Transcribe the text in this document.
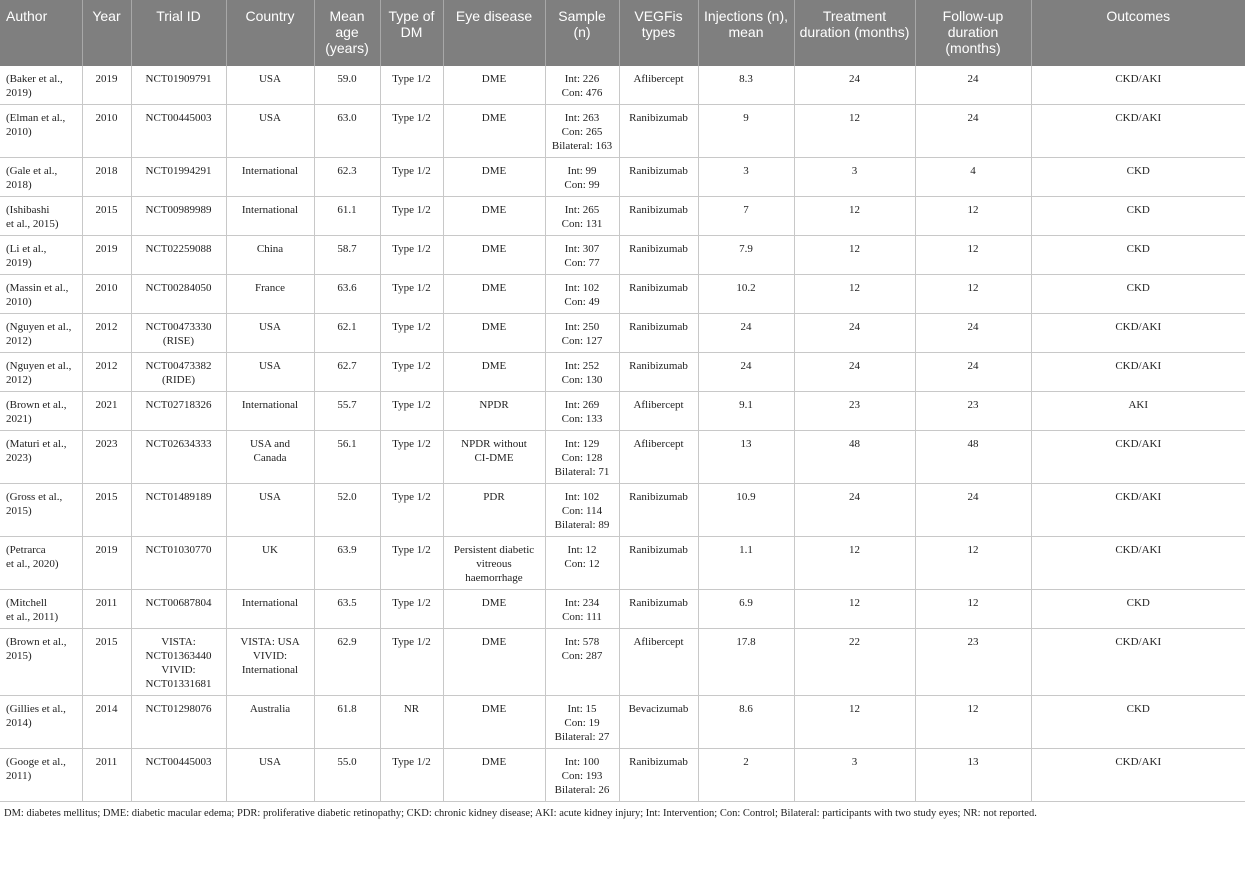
Author	Year	Trial ID	Country	Mean age (years)	Type of DM	Eye disease	Sample (n)	VEGFis types	Injections (n), mean	Treatment duration (months)	Follow-up duration (months)	Outcomes
(Baker et al.,
2019)	2019	NCT01909791	USA	59.0	Type 1/2	DME	Int: 226
Con: 476	Aflibercept	8.3	24	24	CKD/AKI
(Elman et al.,
2010)	2010	NCT00445003	USA	63.0	Type 1/2	DME	Int: 263
Con: 265
Bilateral: 163	Ranibizumab	9	12	24	CKD/AKI
(Gale et al.,
2018)	2018	NCT01994291	International	62.3	Type 1/2	DME	Int: 99
Con: 99	Ranibizumab	3	3	4	CKD
(Ishibashi
et al., 2015)	2015	NCT00989989	International	61.1	Type 1/2	DME	Int: 265
Con: 131	Ranibizumab	7	12	12	CKD
(Li et al.,
2019)	2019	NCT02259088	China	58.7	Type 1/2	DME	Int: 307
Con: 77	Ranibizumab	7.9	12	12	CKD
(Massin et al.,
2010)	2010	NCT00284050	France	63.6	Type 1/2	DME	Int: 102
Con: 49	Ranibizumab	10.2	12	12	CKD
(Nguyen et al.,
2012)	2012	NCT00473330
(RISE)	USA	62.1	Type 1/2	DME	Int: 250
Con: 127	Ranibizumab	24	24	24	CKD/AKI
(Nguyen et al.,
2012)	2012	NCT00473382
(RIDE)	USA	62.7	Type 1/2	DME	Int: 252
Con: 130	Ranibizumab	24	24	24	CKD/AKI
(Brown et al.,
2021)	2021	NCT02718326	International	55.7	Type 1/2	NPDR	Int: 269
Con: 133	Aflibercept	9.1	23	23	AKI
(Maturi et al.,
2023)	2023	NCT02634333	USA and
Canada	56.1	Type 1/2	NPDR without
CI-DME	Int: 129
Con: 128
Bilateral: 71	Aflibercept	13	48	48	CKD/AKI
(Gross et al.,
2015)	2015	NCT01489189	USA	52.0	Type 1/2	PDR	Int: 102
Con: 114
Bilateral: 89	Ranibizumab	10.9	24	24	CKD/AKI
(Petrarca
et al., 2020)	2019	NCT01030770	UK	63.9	Type 1/2	Persistent diabetic
vitreous
haemorrhage	Int: 12
Con: 12	Ranibizumab	1.1	12	12	CKD/AKI
(Mitchell
et al., 2011)	2011	NCT00687804	International	63.5	Type 1/2	DME	Int: 234
Con: 111	Ranibizumab	6.9	12	12	CKD
(Brown et al.,
2015)	2015	VISTA:
NCT01363440
VIVID:
NCT01331681	VISTA: USA
VIVID:
International	62.9	Type 1/2	DME	Int: 578
Con: 287	Aflibercept	17.8	22	23	CKD/AKI
(Gillies et al.,
2014)	2014	NCT01298076	Australia	61.8	NR	DME	Int: 15
Con: 19
Bilateral: 27	Bevacizumab	8.6	12	12	CKD
(Googe et al.,
2011)	2011	NCT00445003	USA	55.0	Type 1/2	DME	Int: 100
Con: 193
Bilateral: 26	Ranibizumab	2	3	13	CKD/AKI
DM: diabetes mellitus; DME: diabetic macular edema; PDR: proliferative diabetic retinopathy; CKD: chronic kidney disease; AKI: acute kidney injury; Int: Intervention; Con: Control; Bilateral: participants with two study eyes; NR: not reported.
